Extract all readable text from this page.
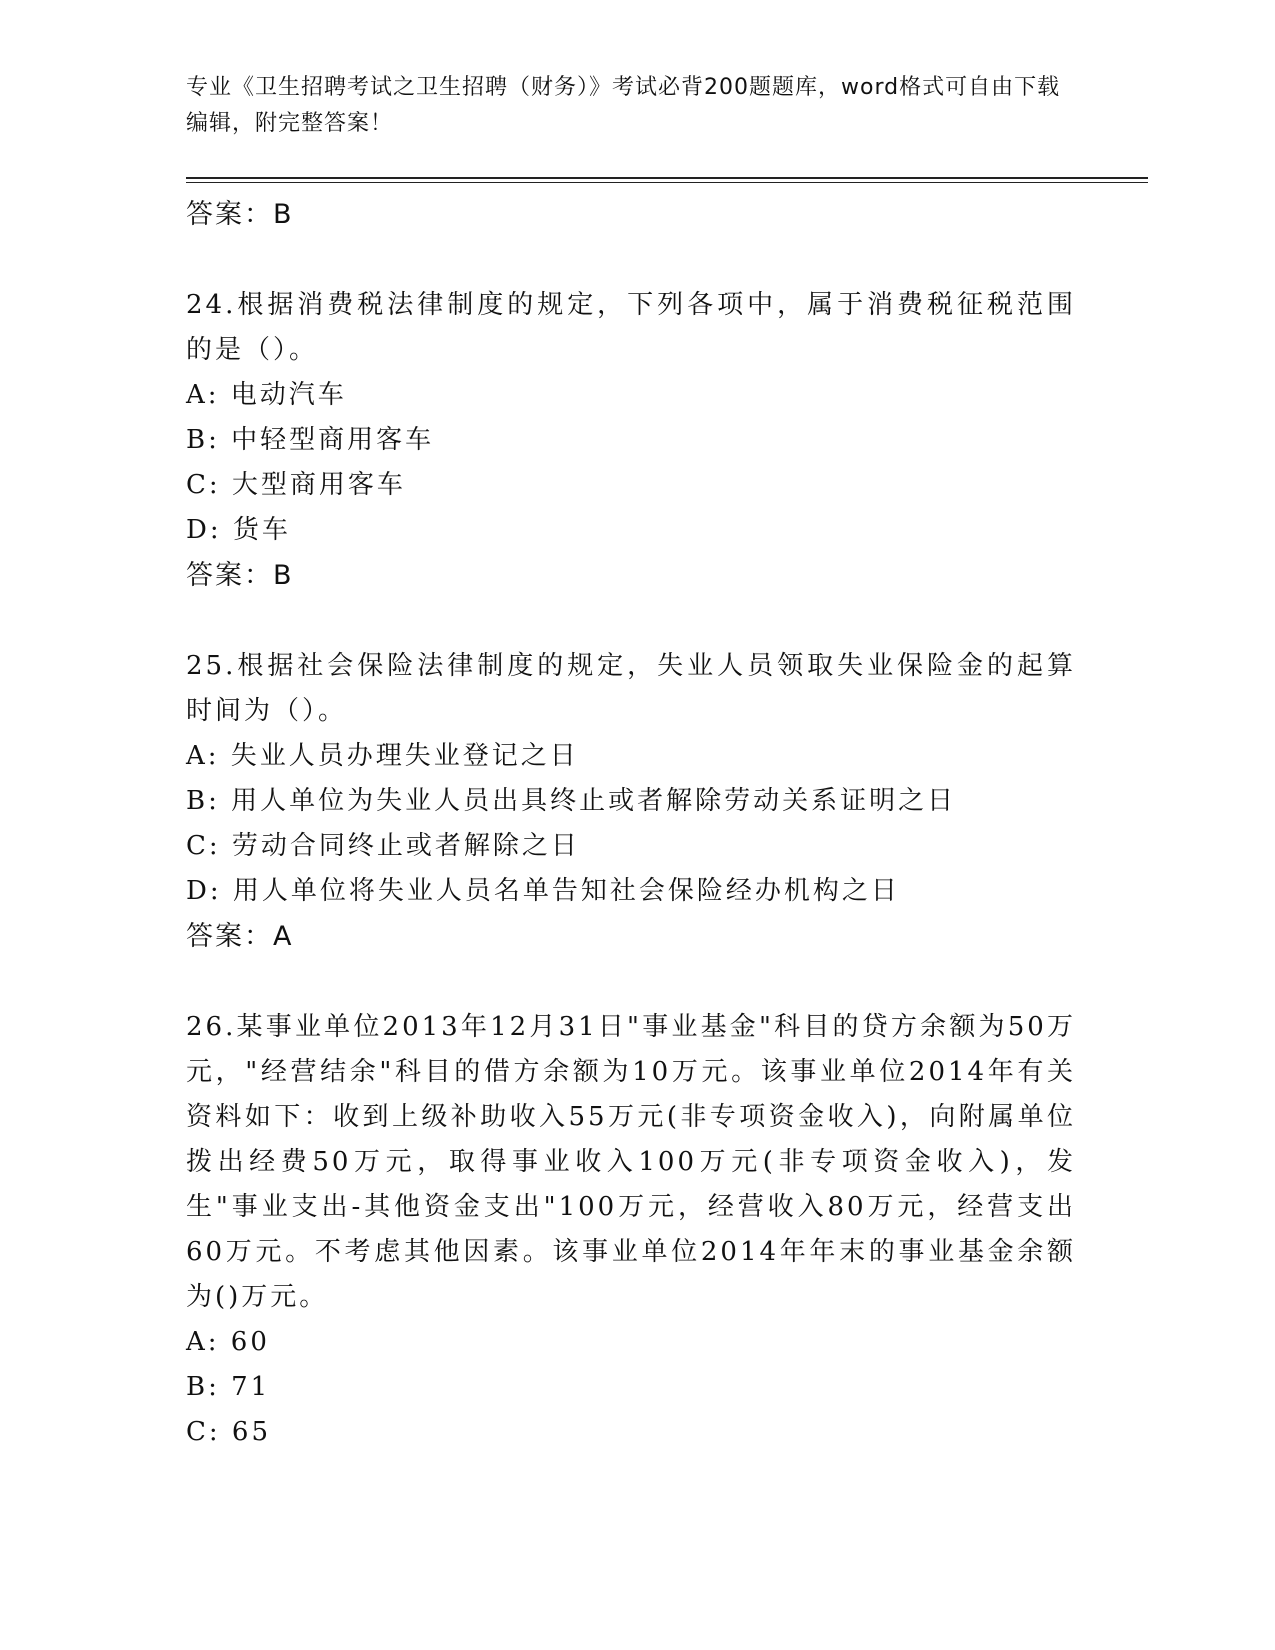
专业《卫生招聘考试之卫生招聘（财务）》考试必背200题题库，word格式可自由下载编辑，附完整答案！
答案：B
24.根据消费税法律制度的规定，下列各项中，属于消费税征税范围的是（）。
A: 电动汽车
B: 中轻型商用客车
C: 大型商用客车
D: 货车
答案：B
25.根据社会保险法律制度的规定，失业人员领取失业保险金的起算时间为（）。
A: 失业人员办理失业登记之日
B: 用人单位为失业人员出具终止或者解除劳动关系证明之日
C: 劳动合同终止或者解除之日
D: 用人单位将失业人员名单告知社会保险经办机构之日
答案：A
26.某事业单位2013年12月31日"事业基金"科目的贷方余额为50万元，"经营结余"科目的借方余额为10万元。该事业单位2014年有关资料如下：收到上级补助收入55万元(非专项资金收入)，向附属单位拨出经费50万元，取得事业收入100万元(非专项资金收入)，发生"事业支出-其他资金支出"100万元，经营收入80万元，经营支出60万元。不考虑其他因素。该事业单位2014年年末的事业基金余额为()万元。
A: 60
B: 71
C: 65
